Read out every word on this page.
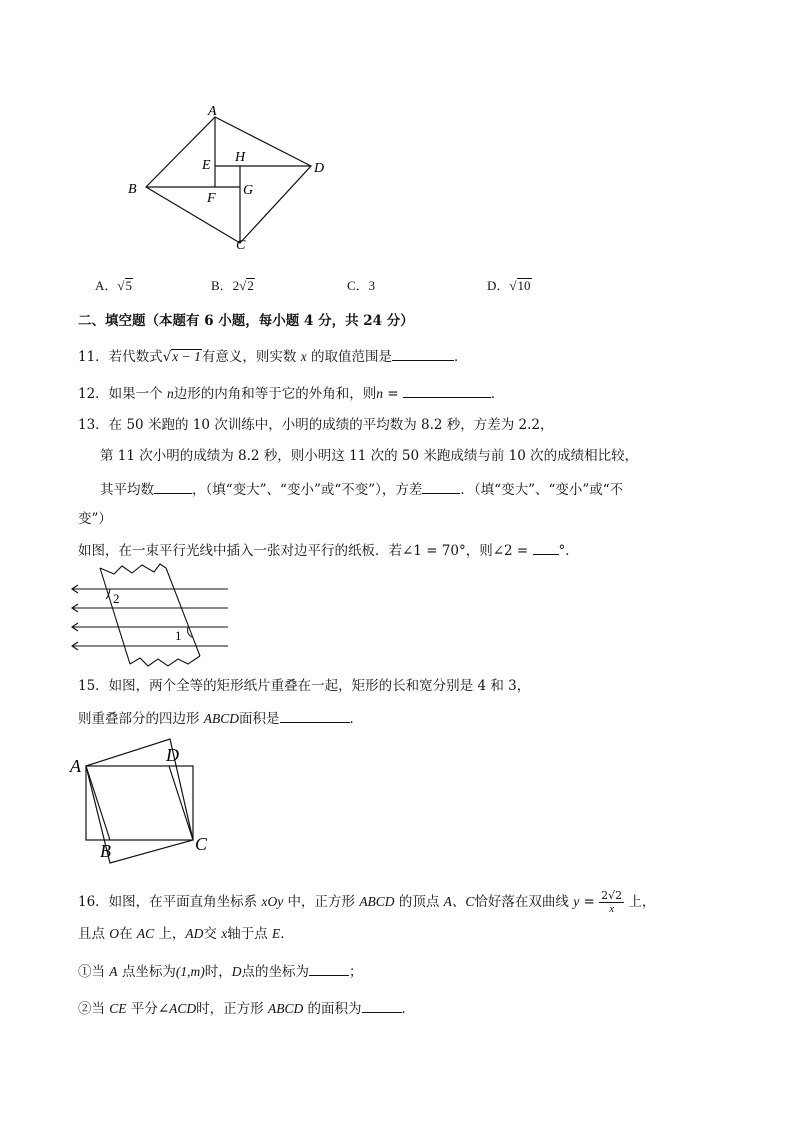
A
B
C
D
E
F
G
H
A．√5	B．2√2	C．3	D．√10
二、填空题（本题有 6 小题，每小题 4 分，共 24 分）
11．若代数式√x − 1有意义，则实数 x 的取值范围是	．
12．如果一个 n边形的内角和等于它的外角和，则n =	．
13．在 50 米跑的 10 次训练中，小明的成绩的平均数为 8.2 秒，方差为 2.2，
第 11 次小明的成绩为 8.2 秒，则小明这 11 次的 50 米跑成绩与前 10 次的成绩相比较，
其平均数	，（填“变大”、“变小”或“不变”），方差	．（填“变大”、“变小”或“不
变”）
如图，在一束平行光线中插入一张对边平行的纸板．若∠1 = 70°，则∠2 = °．
2
1
15．如图，两个全等的矩形纸片重叠在一起，矩形的长和宽分别是 4 和 3，
则重叠部分的四边形 ABCD面积是	．
A
D
C
B
16．如图，在平面直角坐标系 xOy 中，正方形 ABCD 的顶点 A、C恰好落在双曲线 $y = \frac{2√2}{x}$ 上，
且点 O在 AC 上，AD交 x轴于点 E．
①当 A 点坐标为(1,m)时，D点的坐标为	；
②当 CE 平分∠ACD时，正方形 ABCD 的面积为	．
